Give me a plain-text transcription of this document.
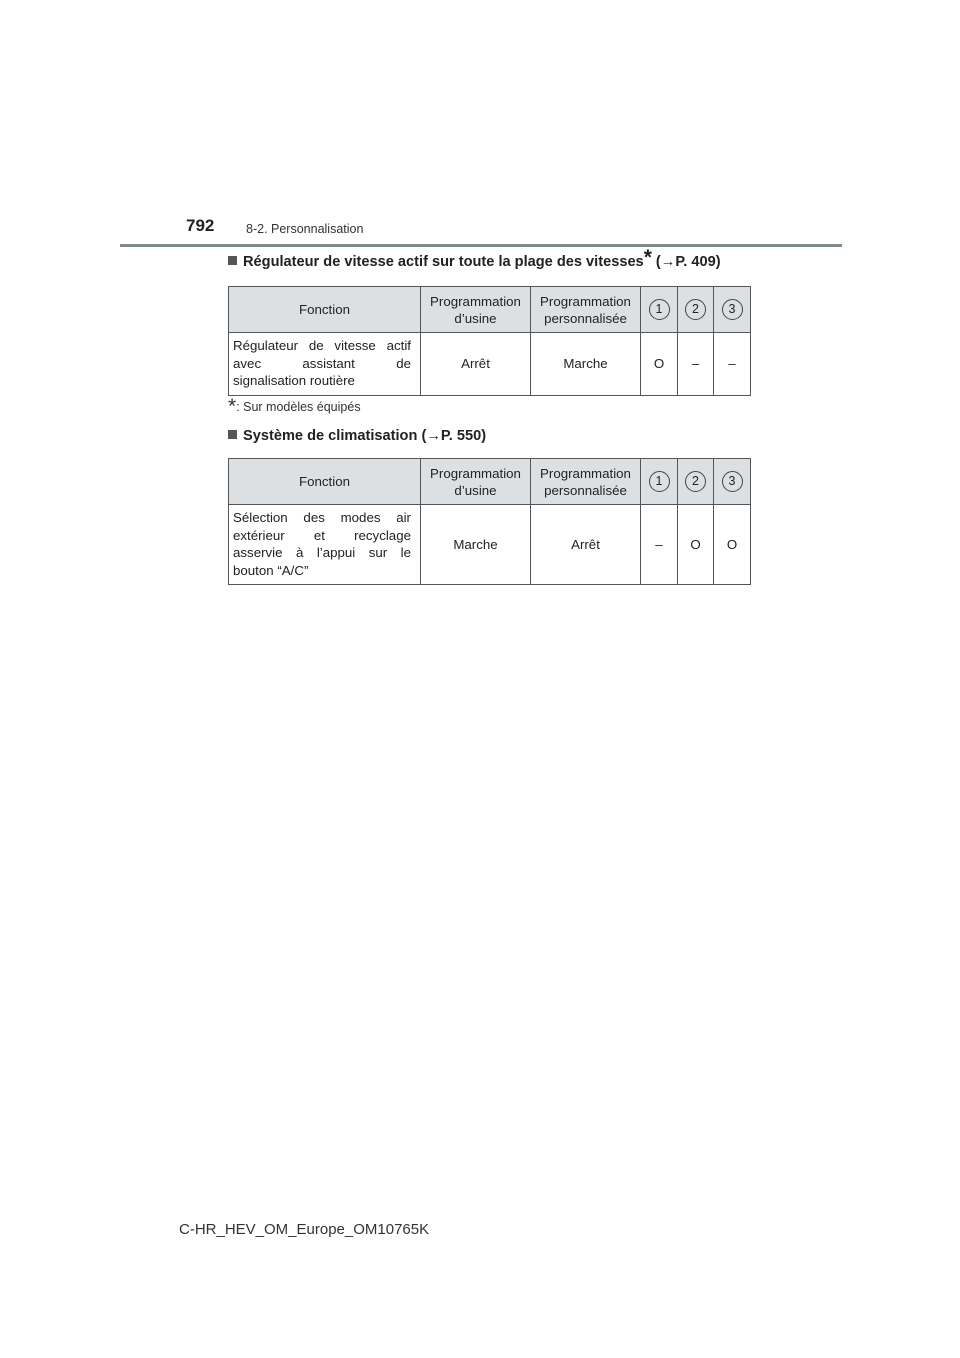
792	8-2. Personnalisation
Régulateur de vitesse actif sur toute la plage des vitesses* (→P. 409)
Fonction	Programmation d’usine	Programmation personnalisée	1	2	3
Régulateur de vitesse actif avec assistant de signalisation routière	Arrêt	Marche	O	–	–
*: Sur modèles équipés
Système de climatisation (→P. 550)
Fonction	Programmation d’usine	Programmation personnalisée	1	2	3
Sélection des modes air extérieur et recyclage asservie à l’appui sur le bouton “A/C”	Marche	Arrêt	–	O	O
C-HR_HEV_OM_Europe_OM10765K
